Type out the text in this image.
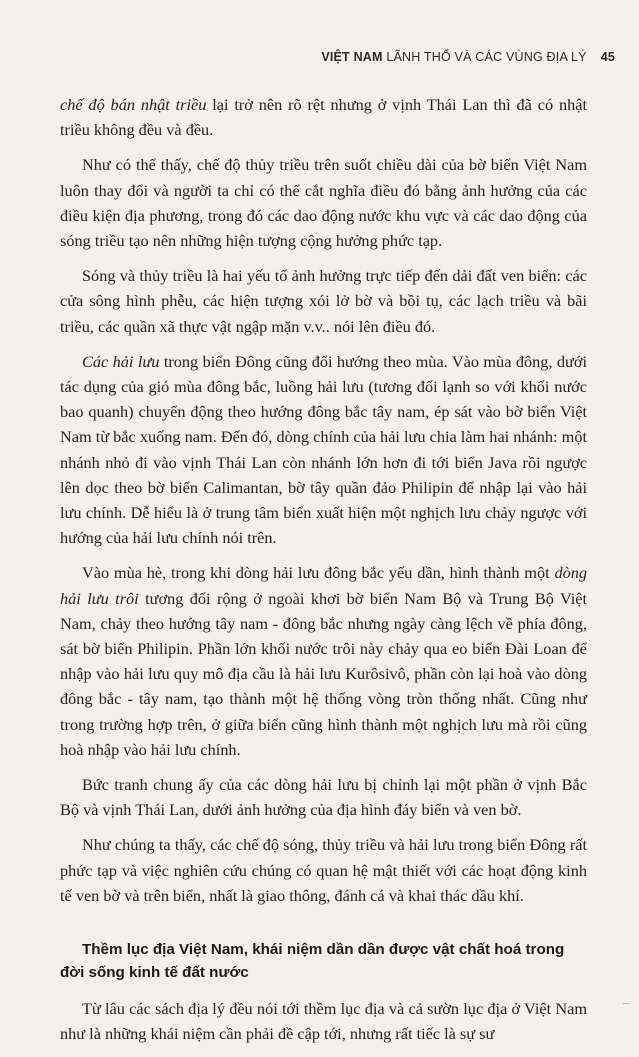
VIỆT NAM LÃNH THỔ VÀ CÁC VÙNG ĐỊA LÝ 45

chế độ bán nhật triều lại trở nên rõ rệt nhưng ở vịnh Thái Lan thì đã có nhật triều không đều và đều.

Như có thể thấy, chế độ thủy triều trên suốt chiều dài của bờ biển Việt Nam luôn thay đổi và người ta chỉ có thể cắt nghĩa điều đó bằng ảnh hưởng của các điều kiện địa phương, trong đó các dao động nước khu vực và các dao động của sóng triều tạo nên những hiện tượng cộng hưởng phức tạp.

Sóng và thủy triều là hai yếu tố ảnh hưởng trực tiếp đến dải đất ven biển: các cửa sông hình phễu, các hiện tượng xói lở bờ và bồi tụ, các lạch triều và bãi triều, các quần xã thực vật ngập mặn v.v.. nói lên điều đó.

Các hải lưu trong biển Đông cũng đổi hướng theo mùa. Vào mùa đông, dưới tác dụng của gió mùa đông bắc, luồng hải lưu (tương đối lạnh so với khối nước bao quanh) chuyển động theo hướng đông bắc tây nam, ép sát vào bờ biển Việt Nam từ bắc xuống nam. Đến đó, dòng chính của hải lưu chia làm hai nhánh: một nhánh nhỏ đi vào vịnh Thái Lan còn nhánh lớn hơn đi tới biển Java rồi ngược lên dọc theo bờ biển Calimantan, bờ tây quần đảo Philipin để nhập lại vào hải lưu chính. Dễ hiểu là ở trung tâm biển xuất hiện một nghịch lưu chảy ngược với hướng của hải lưu chính nói trên.

Vào mùa hè, trong khi dòng hải lưu đông bắc yếu dần, hình thành một dòng hải lưu trôi tương đối rộng ở ngoài khơi bờ biển Nam Bộ và Trung Bộ Việt Nam, chảy theo hướng tây nam - đông bắc nhưng ngày càng lệch về phía đông, sát bờ biển Philipin. Phần lớn khối nước trôi này chảy qua eo biển Đài Loan để nhập vào hải lưu quy mô địa cầu là hải lưu Kurôsivô, phần còn lại hoà vào dòng đông bắc - tây nam, tạo thành một hệ thống vòng tròn thống nhất. Cũng như trong trường hợp trên, ở giữa biển cũng hình thành một nghịch lưu mà rồi cũng hoà nhập vào hải lưu chính.

Bức tranh chung ấy của các dòng hải lưu bị chỉnh lại một phần ở vịnh Bắc Bộ và vịnh Thái Lan, dưới ảnh hưởng của địa hình đáy biển và ven bờ.

Như chúng ta thấy, các chế độ sóng, thủy triều và hải lưu trong biển Đông rất phức tạp và việc nghiên cứu chúng có quan hệ mật thiết với các hoạt động kinh tế ven bờ và trên biển, nhất là giao thông, đánh cá và khai thác dầu khí.

Thềm lục địa Việt Nam, khái niệm dần dần được vật chất hoá trong đời sống kinh tế đất nước

Từ lâu các sách địa lý đều nói tới thềm lục địa và cả sườn lục địa ở Việt Nam như là những khái niệm cần phải đề cập tới, nhưng rất tiếc là sự sư
